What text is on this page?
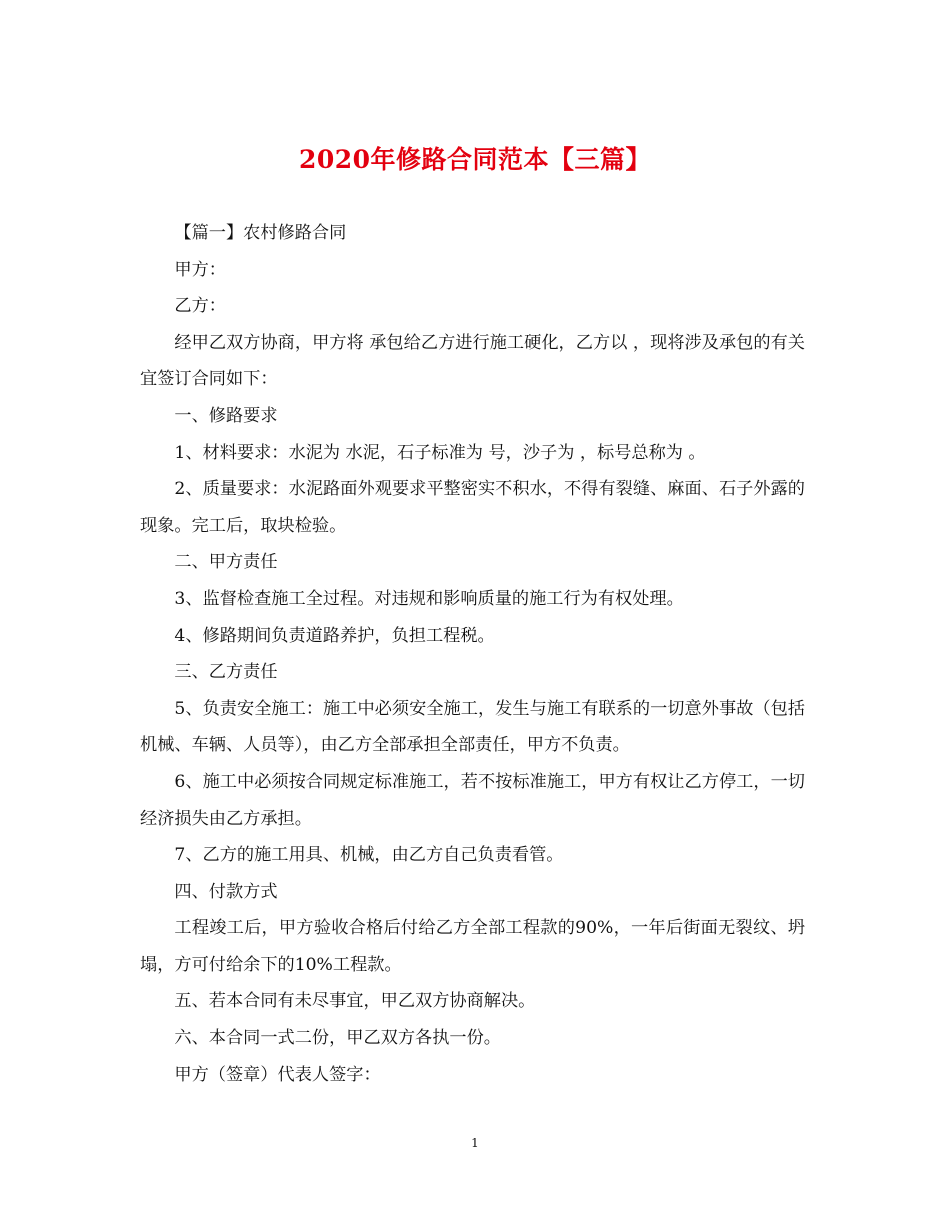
2020年修路合同范本【三篇】

【篇一】农村修路合同

甲方：

乙方：

经甲乙双方协商，甲方将 承包给乙方进行施工硬化，乙方以 ，现将涉及承包的有关宜签订合同如下：

一、修路要求

1、材料要求：水泥为 水泥，石子标准为 号，沙子为 ，标号总称为 。

2、质量要求：水泥路面外观要求平整密实不积水，不得有裂缝、麻面、石子外露的现象。完工后，取块检验。

二、甲方责任

3、监督检查施工全过程。对违规和影响质量的施工行为有权处理。

4、修路期间负责道路养护，负担工程税。

三、乙方责任

5、负责安全施工：施工中必须安全施工，发生与施工有联系的一切意外事故（包括机械、车辆、人员等），由乙方全部承担全部责任，甲方不负责。

6、施工中必须按合同规定标准施工，若不按标准施工，甲方有权让乙方停工，一切经济损失由乙方承担。

7、乙方的施工用具、机械，由乙方自己负责看管。

四、付款方式

工程竣工后，甲方验收合格后付给乙方全部工程款的90%，一年后街面无裂纹、坍塌，方可付给余下的10%工程款。

五、若本合同有未尽事宜，甲乙双方协商解决。

六、本合同一式二份，甲乙双方各执一份。

甲方（签章）代表人签字：

1
